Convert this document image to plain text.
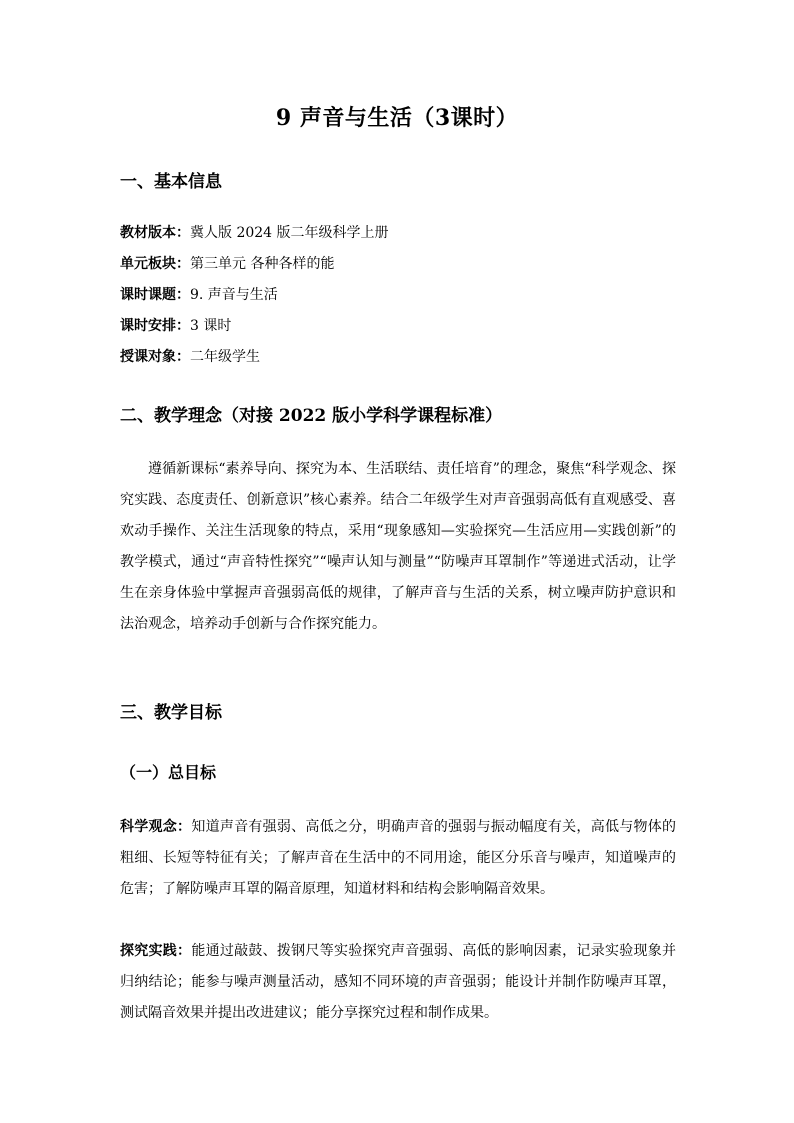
9 声音与生活（3课时）
一、基本信息
教材版本：冀人版 2024 版二年级科学上册
单元板块：第三单元 各种各样的能
课时课题：9. 声音与生活
课时安排：3 课时
授课对象：二年级学生
二、教学理念（对接 2022 版小学科学课程标准）
遵循新课标“素养导向、探究为本、生活联结、责任培育”的理念，聚焦“科学观念、探究实践、态度责任、创新意识”核心素养。结合二年级学生对声音强弱高低有直观感受、喜欢动手操作、关注生活现象的特点，采用“现象感知—实验探究—生活应用—实践创新”的教学模式，通过“声音特性探究”“噪声认知与测量”“防噪声耳罩制作”等递进式活动，让学生在亲身体验中掌握声音强弱高低的规律，了解声音与生活的关系，树立噪声防护意识和法治观念，培养动手创新与合作探究能力。
三、教学目标
（一）总目标
科学观念：知道声音有强弱、高低之分，明确声音的强弱与振动幅度有关，高低与物体的粗细、长短等特征有关；了解声音在生活中的不同用途，能区分乐音与噪声，知道噪声的危害；了解防噪声耳罩的隔音原理，知道材料和结构会影响隔音效果。
探究实践：能通过敲鼓、拨钢尺等实验探究声音强弱、高低的影响因素，记录实验现象并归纳结论；能参与噪声测量活动，感知不同环境的声音强弱；能设计并制作防噪声耳罩，测试隔音效果并提出改进建议；能分享探究过程和制作成果。
